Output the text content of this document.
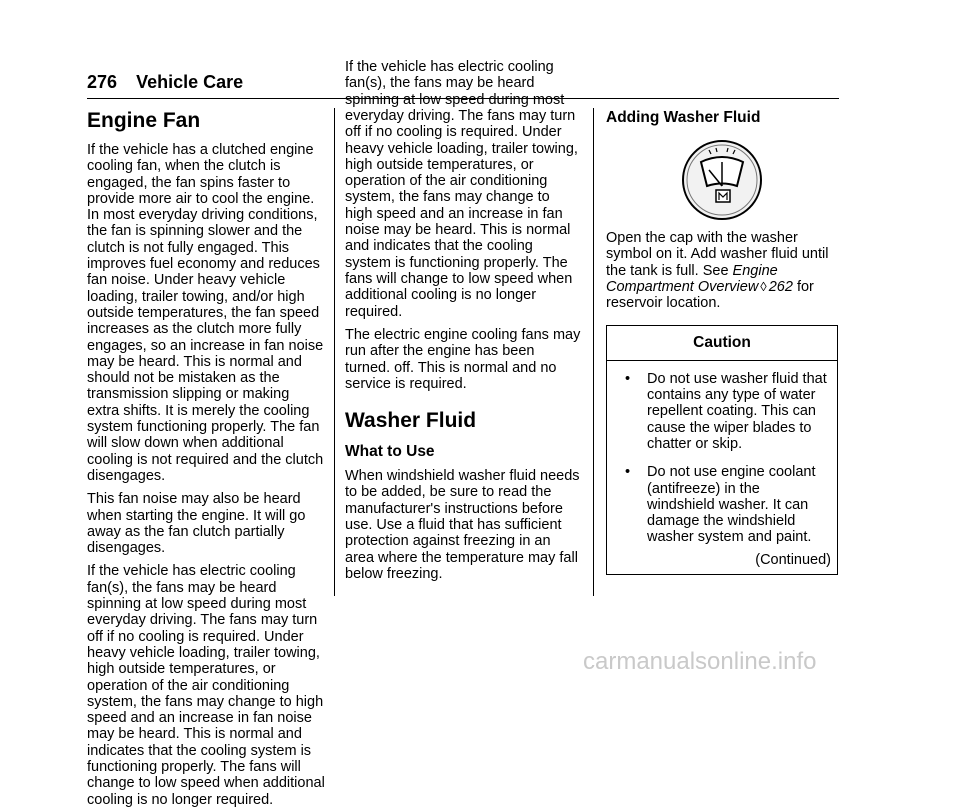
276 Vehicle Care
Engine Fan

If the vehicle has a clutched engine cooling fan, when the clutch is engaged, the fan spins faster to provide more air to cool the engine. In most everyday driving conditions, the fan is spinning slower and the clutch is not fully engaged. This improves fuel economy and reduces fan noise. Under heavy vehicle loading, trailer towing, and/or high outside temperatures, the fan speed increases as the clutch more fully engages, so an increase in fan noise may be heard. This is normal and should not be mistaken as the transmission slipping or making extra shifts. It is merely the cooling system functioning properly. The fan will slow down when additional cooling is not required and the clutch disengages.

This fan noise may also be heard when starting the engine. It will go away as the fan clutch partially disengages.

If the vehicle has electric cooling fan(s), the fans may be heard spinning at low speed during most everyday driving. The fans may turn off if no cooling is required. Under heavy vehicle loading, trailer towing, high outside temperatures, or operation of the air conditioning system, the fans may change to high speed and an increase in fan noise may be heard. This is normal and indicates that the cooling system is functioning properly. The fans will change to low speed when additional cooling is no longer required.

If the vehicle has electric cooling fan(s), the fans may be heard spinning at low speed during most everyday driving. The fans may turn off if no cooling is required. Under heavy vehicle loading, trailer towing, high outside temperatures, or operation of the air conditioning system, the fans may change to high speed and an increase in fan noise may be heard. This is normal and indicates that the cooling system is functioning properly. The fans will change to low speed when additional cooling is no longer required.

The electric engine cooling fans may run after the engine has been turned. off. This is normal and no service is required.

Washer Fluid
What to Use

When windshield washer fluid needs to be added, be sure to read the manufacturer's instructions before use. Use a fluid that has sufficient protection against freezing in an area where the temperature may fall below freezing.

Adding Washer Fluid

Open the cap with the washer symbol on it. Add washer fluid until the tank is full. See Engine Compartment Overview ◊ 262 for reservoir location.

Caution
• Do not use washer fluid that contains any type of water repellent coating. This can cause the wiper blades to chatter or skip.
• Do not use engine coolant (antifreeze) in the windshield washer. It can damage the windshield washer system and paint.
(Continued)
carmanualsonline.info
